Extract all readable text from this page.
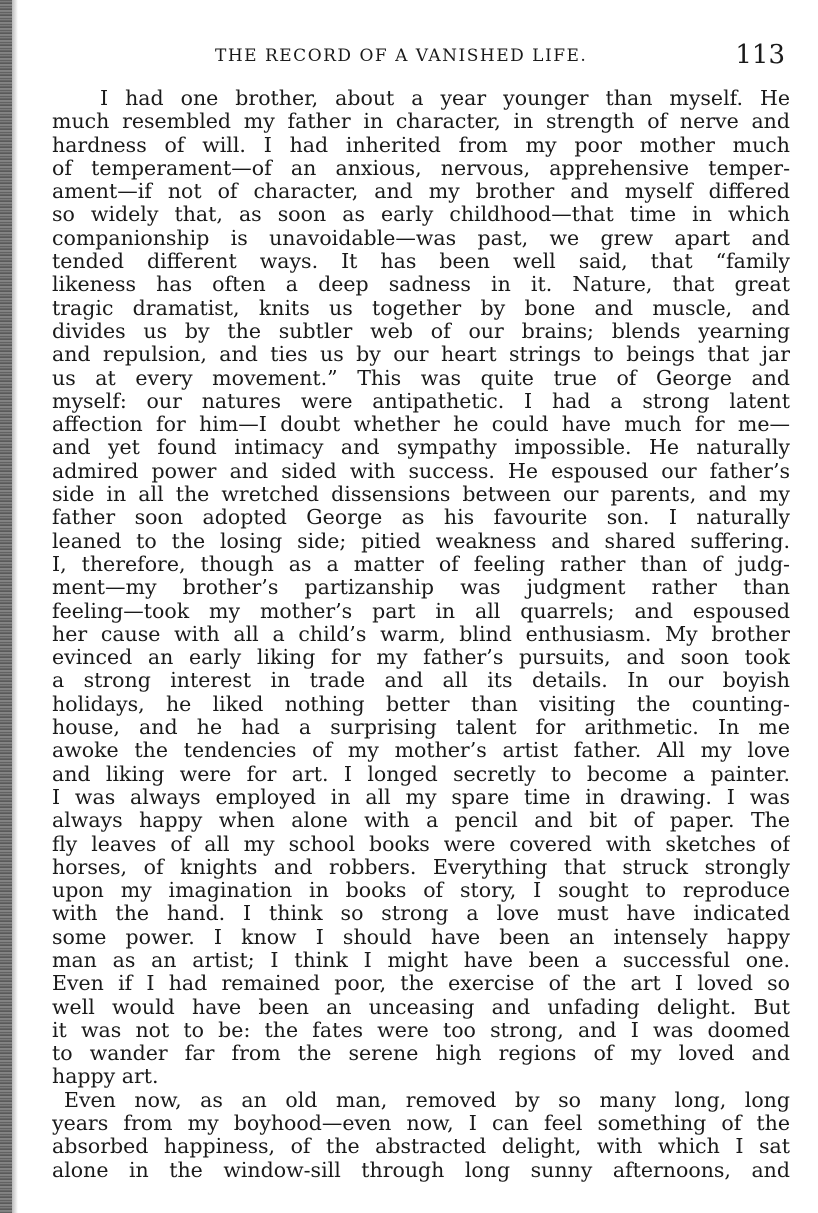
THE RECORD OF A VANISHED LIFE.	113
I had one brother, about a year younger than myself. He
much resembled my father in character, in strength of nerve and
hardness of will. I had inherited from my poor mother much
of temperament—of an anxious, nervous, apprehensive temper-
ament—if not of character, and my brother and myself differed
so widely that, as soon as early childhood—that time in which
companionship is unavoidable—was past, we grew apart and
tended different ways. It has been well said, that “family
likeness has often a deep sadness in it. Nature, that great
tragic dramatist, knits us together by bone and muscle, and
divides us by the subtler web of our brains; blends yearning
and repulsion, and ties us by our heart strings to beings that jar
us at every movement.” This was quite true of George and
myself: our natures were antipathetic. I had a strong latent
affection for him—I doubt whether he could have much for me—
and yet found intimacy and sympathy impossible. He naturally
admired power and sided with success. He espoused our father’s
side in all the wretched dissensions between our parents, and my
father soon adopted George as his favourite son. I naturally
leaned to the losing side; pitied weakness and shared suffering.
I, therefore, though as a matter of feeling rather than of judg-
ment—my brother’s partizanship was judgment rather than
feeling—took my mother’s part in all quarrels; and espoused
her cause with all a child’s warm, blind enthusiasm. My brother
evinced an early liking for my father’s pursuits, and soon took
a strong interest in trade and all its details. In our boyish
holidays, he liked nothing better than visiting the counting-
house, and he had a surprising talent for arithmetic. In me
awoke the tendencies of my mother’s artist father. All my love
and liking were for art. I longed secretly to become a painter.
I was always employed in all my spare time in drawing. I was
always happy when alone with a pencil and bit of paper. The
fly leaves of all my school books were covered with sketches of
horses, of knights and robbers. Everything that struck strongly
upon my imagination in books of story, I sought to reproduce
with the hand. I think so strong a love must have indicated
some power. I know I should have been an intensely happy
man as an artist; I think I might have been a successful one.
Even if I had remained poor, the exercise of the art I loved so
well would have been an unceasing and unfading delight. But
it was not to be: the fates were too strong, and I was doomed
to wander far from the serene high regions of my loved and
happy art.
Even now, as an old man, removed by so many long, long
years from my boyhood—even now, I can feel something of the
absorbed happiness, of the abstracted delight, with which I sat
alone in the window-sill through long sunny afternoons, and
